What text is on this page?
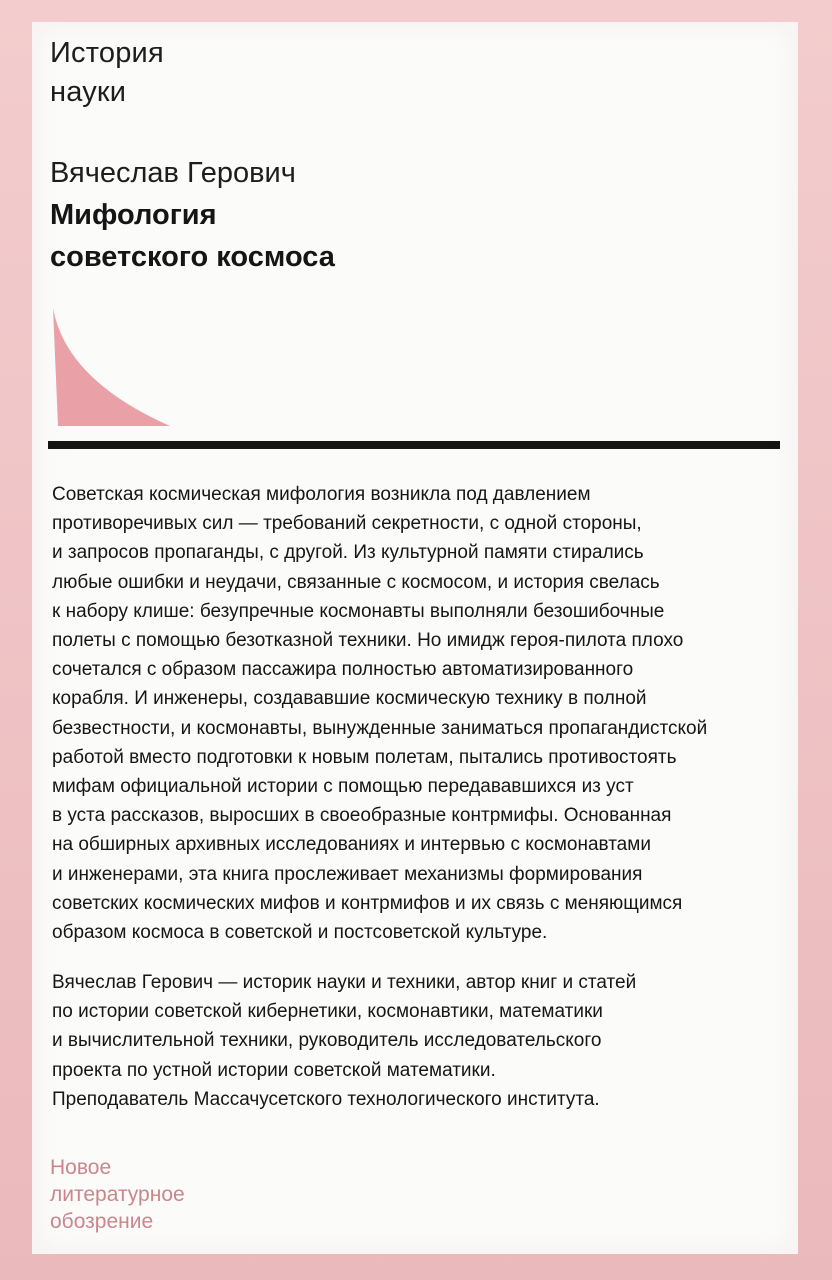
История
науки
Вячеслав Герович
Мифология
советского космоса
Советская космическая мифология возникла под давлением
противоречивых сил — требований секретности, с одной стороны,
и запросов пропаганды, с другой. Из культурной памяти стирались
любые ошибки и неудачи, связанные с космосом, и история свелась
к набору клише: безупречные космонавты выполняли безошибочные
полеты с помощью безотказной техники. Но имидж героя-пилота плохо
сочетался с образом пассажира полностью автоматизированного
корабля. И инженеры, создававшие космическую технику в полной
безвестности, и космонавты, вынужденные заниматься пропагандистской
работой вместо подготовки к новым полетам, пытались противостоять
мифам официальной истории с помощью передававшихся из уст
в уста рассказов, выросших в своеобразные контрмифы. Основанная
на обширных архивных исследованиях и интервью с космонавтами
и инженерами, эта книга прослеживает механизмы формирования
советских космических мифов и контрмифов и их связь с меняющимся
образом космоса в советской и постсоветской культуре.
Вячеслав Герович — историк науки и техники, автор книг и статей
по истории советской кибернетики, космонавтики, математики
и вычислительной техники, руководитель исследовательского
проекта по устной истории советской математики.
Преподаватель Массачусетского технологического института.
Новое
литературное
обозрение
